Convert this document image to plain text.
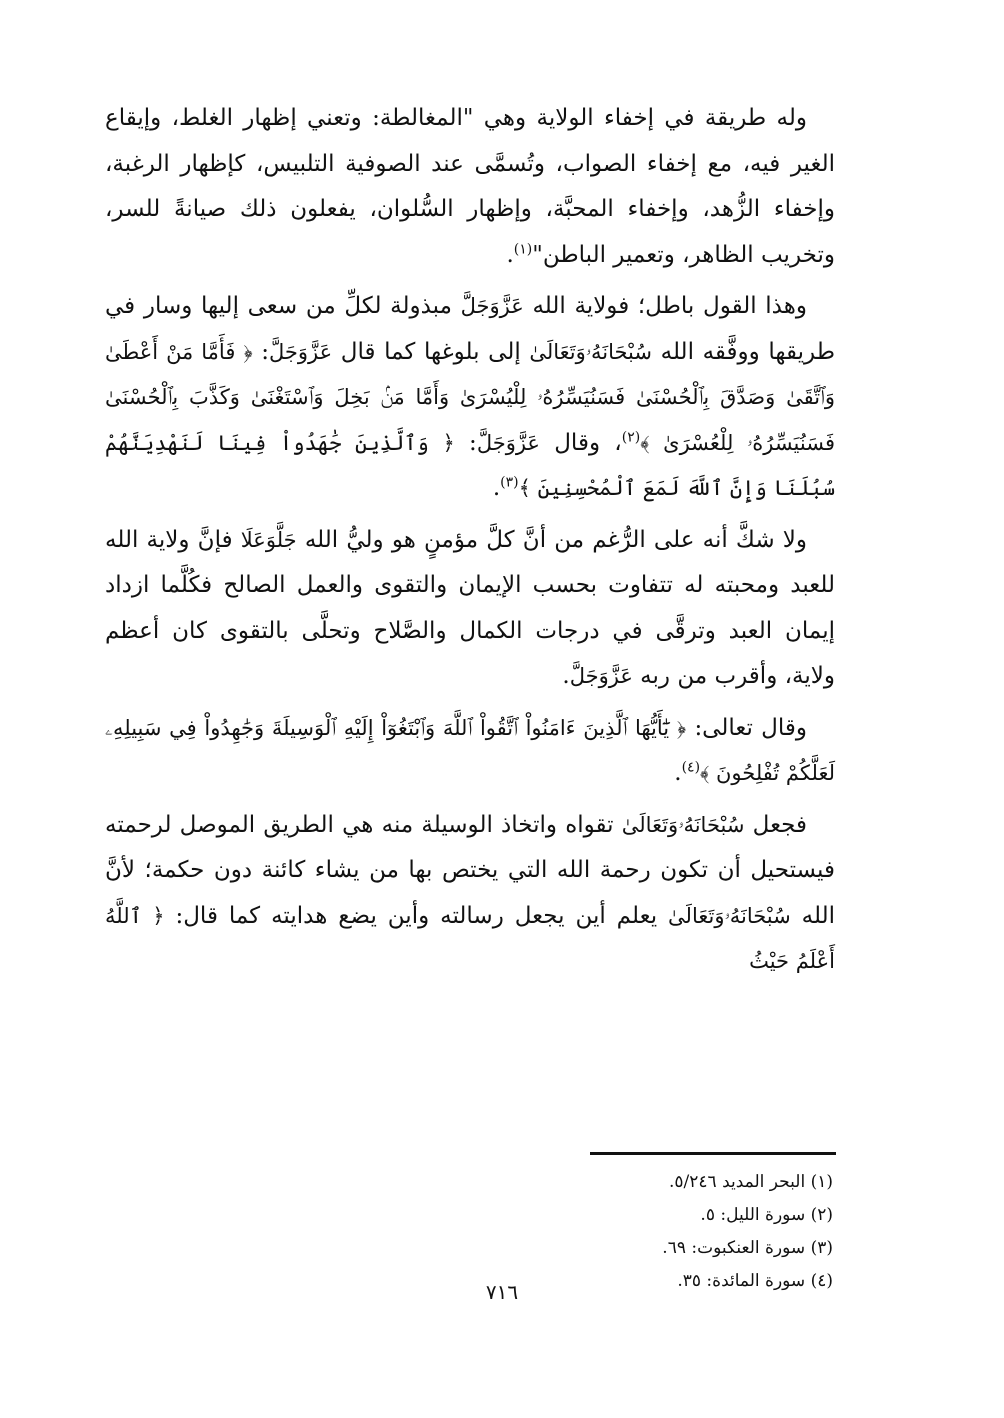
وله طريقة في إخفاء الولاية وهي "المغالطة: وتعني إظهار الغلط، وإيقاع الغير فيه، مع إخفاء الصواب، وتُسمَّى عند الصوفية التلبيس، كإظهار الرغبة، وإخفاء الزُّهد، وإخفاء المحبَّة، وإظهار السُّلوان، يفعلون ذلك صيانةً للسر، وتخريب الظاهر، وتعمير الباطن"$^{(١)}$.

وهذا القول باطل؛ فولاية الله عَزَّوَجَلَّ مبذولة لكلِّ من سعى إليها وسار في طريقها ووفَّقه الله سُبْحَانَهُۥوَتَعَالَىٰ إلى بلوغها كما قال عَزَّوَجَلَّ: ﴿ فَأَمَّا مَنْ أَعْطَىٰ وَٱتَّقَىٰ وَصَدَّقَ بِٱلْحُسْنَىٰ فَسَنُيَسِّرُهُۥ لِلْيُسْرَىٰ وَأَمَّا مَنۢ بَخِلَ وَٱسْتَغْنَىٰ وَكَذَّبَ بِٱلْحُسْنَىٰ فَسَنُيَسِّرُهُۥ لِلْعُسْرَىٰ ﴾$^{(٢)}$، وقال عَزَّوَجَلَّ: ﴿ وَٱلَّذِينَ جَٰهَدُواْ فِينَا لَنَهْدِيَنَّهُمْ سُبُلَنَا وَإِنَّ ٱللَّهَ لَمَعَ ٱلْمُحْسِنِينَ ﴾$^{(٣)}$.

ولا شكَّ أنه على الرُّغم من أنَّ كلَّ مؤمنٍ هو وليُّ الله جَلَّوَعَلَا فإنَّ ولاية الله للعبد ومحبته له تتفاوت بحسب الإيمان والتقوى والعمل الصالح فكُلَّما ازداد إيمان العبد وترقَّى في درجات الكمال والصَّلاح وتحلَّى بالتقوى كان أعظم ولاية، وأقرب من ربه عَزَّوَجَلَّ.

وقال تعالى: ﴿ يَٰٓأَيُّهَا ٱلَّذِينَ ءَامَنُواْ ٱتَّقُواْ ٱللَّهَ وَٱبْتَغُوٓاْ إِلَيْهِ ٱلْوَسِيلَةَ وَجَٰهِدُواْ فِي سَبِيلِهِۦ لَعَلَّكُمْ تُفْلِحُونَ ﴾$^{(٤)}$.

فجعل سُبْحَانَهُۥوَتَعَالَىٰ تقواه واتخاذ الوسيلة منه هي الطريق الموصل لرحمته فيستحيل أن تكون رحمة الله التي يختص بها من يشاء كائنة دون حكمة؛ لأنَّ الله سُبْحَانَهُۥوَتَعَالَىٰ يعلم أين يجعل رسالته وأين يضع هدايته كما قال: ﴿ ٱللَّهُ أَعْلَمُ حَيْثُ

(١) البحر المديد ٥/٢٤٦.

(٢) سورة الليل: ٥.

(٣) سورة العنكبوت: ٦٩.

(٤) سورة المائدة: ٣٥.

٧١٦
